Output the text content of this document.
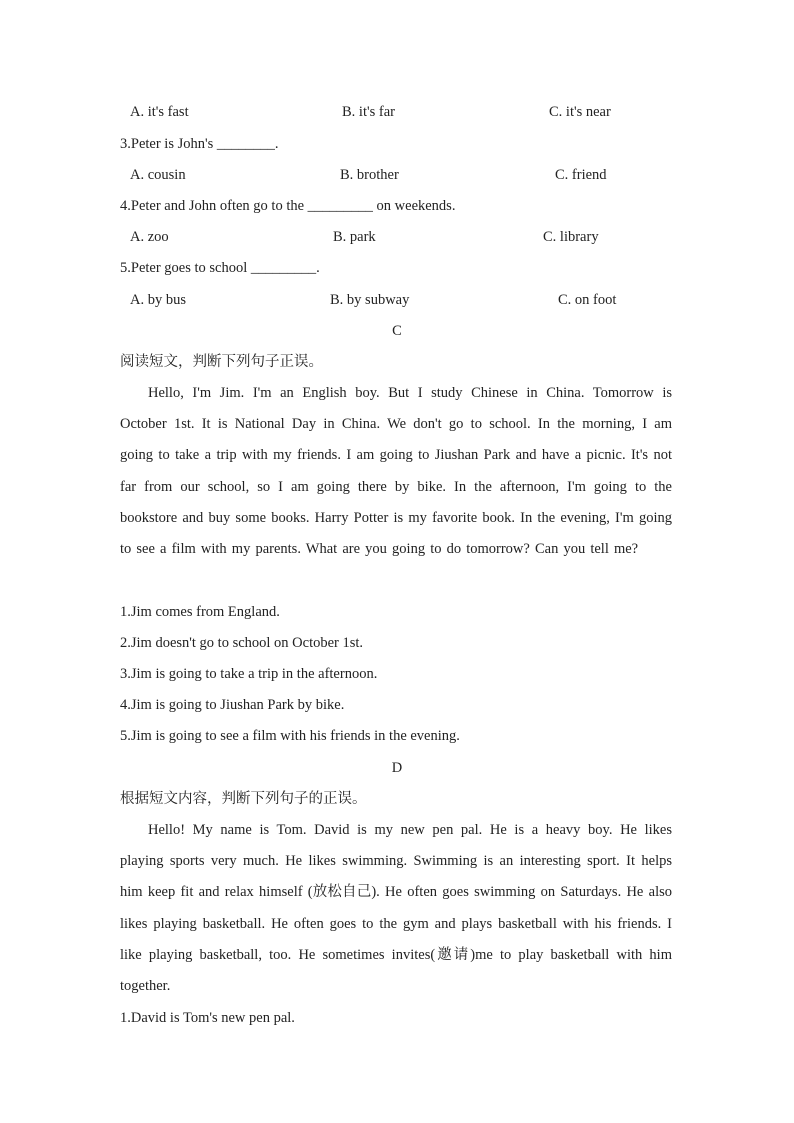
A. it's fast	B. it's far	C. it's near
3.Peter is John's ________.
A. cousin	B. brother	C. friend
4.Peter and John often go to the _________ on weekends.
A. zoo	B. park	C. library
5.Peter goes to school _________.
A. by bus	B. by subway	C. on foot
C
阅读短文，判断下列句子正误。
Hello, I'm Jim. I'm an English boy. But I study Chinese in China. Tomorrow is October 1st. It is National Day in China. We don't go to school. In the morning, I am going to take a trip with my friends. I am going to Jiushan Park and have a picnic. It's not far from our school, so I am going there by bike. In the afternoon, I'm going to the bookstore and buy some books. Harry Potter is my favorite book. In the evening, I'm going to see a film with my parents. What are you going to do tomorrow? Can you tell me?
1.Jim comes from England.
2.Jim doesn't go to school on October 1st.
3.Jim is going to take a trip in the afternoon.
4.Jim is going to Jiushan Park by bike.
5.Jim is going to see a film with his friends in the evening.
D
根据短文内容，判断下列句子的正误。
Hello! My name is Tom. David is my new pen pal. He is a heavy boy. He likes playing sports very much. He likes swimming. Swimming is an interesting sport. It helps him keep fit and relax himself (放松自己). He often goes swimming on Saturdays. He also likes playing basketball. He often goes to the gym and plays basketball with his friends. I like playing basketball, too. He sometimes invites(邀请)me to play basketball with him together.
1.David is Tom's new pen pal.
